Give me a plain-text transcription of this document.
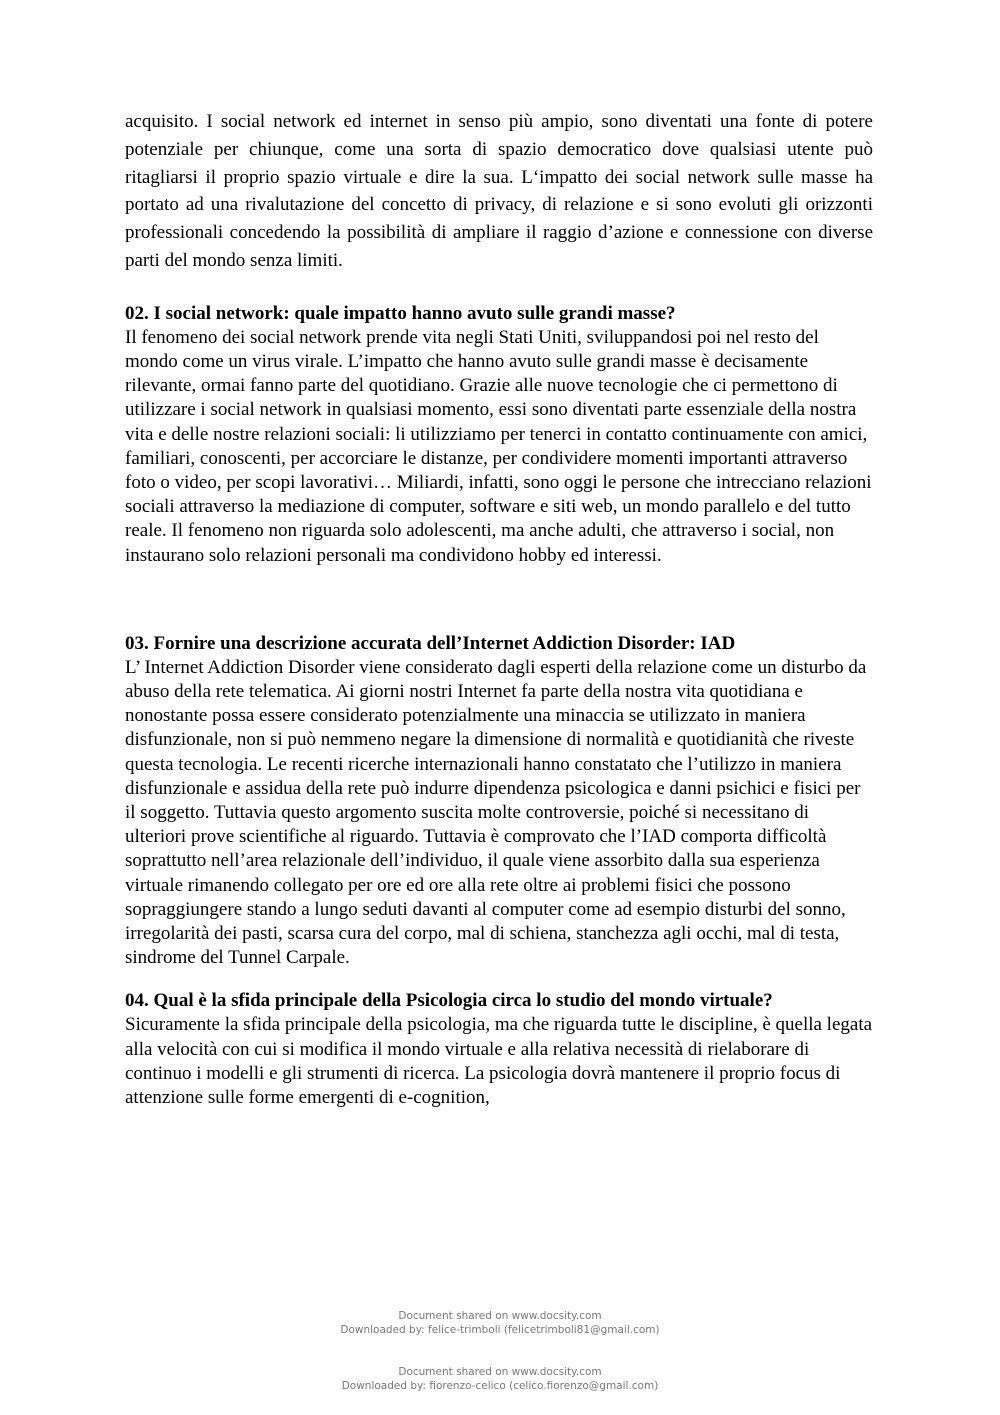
acquisito. I social network ed internet in senso più ampio, sono diventati una fonte di potere potenziale per chiunque, come una sorta di spazio democratico dove qualsiasi utente può ritagliarsi il proprio spazio virtuale e dire la sua. L‘impatto dei social network sulle masse ha portato ad una rivalutazione del concetto di privacy, di relazione e si sono evoluti gli orizzonti professionali concedendo la possibilità di ampliare il raggio d’azione e connessione con diverse parti del mondo senza limiti.

02. I social network: quale impatto hanno avuto sulle grandi masse?

Il fenomeno dei social network prende vita negli Stati Uniti, sviluppandosi poi nel resto del mondo come un virus virale. L’impatto che hanno avuto sulle grandi masse è decisamente rilevante, ormai fanno parte del quotidiano. Grazie alle nuove tecnologie che ci permettono di utilizzare i social network in qualsiasi momento, essi sono diventati parte essenziale della nostra vita e delle nostre relazioni sociali: li utilizziamo per tenerci in contatto continuamente con amici, familiari, conoscenti, per accorciare le distanze, per condividere momenti importanti attraverso foto o video, per scopi lavorativi… Miliardi, infatti, sono oggi le persone che intrecciano relazioni sociali attraverso la mediazione di computer, software e siti web, un mondo parallelo e del tutto reale. Il fenomeno non riguarda solo adolescenti, ma anche adulti, che attraverso i social, non instaurano solo relazioni personali ma condividono hobby ed interessi.

03. Fornire una descrizione accurata dell’Internet Addiction Disorder: IAD

L’ Internet Addiction Disorder viene considerato dagli esperti della relazione come un disturbo da abuso della rete telematica. Ai giorni nostri Internet fa parte della nostra vita quotidiana e nonostante possa essere considerato potenzialmente una minaccia se utilizzato in maniera disfunzionale, non si può nemmeno negare la dimensione di normalità e quotidianità che riveste questa tecnologia. Le recenti ricerche internazionali hanno constatato che l’utilizzo in maniera disfunzionale e assidua della rete può indurre dipendenza psicologica e danni psichici e fisici per il soggetto. Tuttavia questo argomento suscita molte controversie, poiché si necessitano di ulteriori prove scientifiche al riguardo. Tuttavia è comprovato che l’IAD comporta difficoltà soprattutto nell’area relazionale dell’individuo, il quale viene assorbito dalla sua esperienza virtuale rimanendo collegato per ore ed ore alla rete oltre ai problemi fisici che possono sopraggiungere stando a lungo seduti davanti al computer come ad esempio disturbi del sonno, irregolarità dei pasti, scarsa cura del corpo, mal di schiena, stanchezza agli occhi, mal di testa, sindrome del Tunnel Carpale.

04. Qual è la sfida principale della Psicologia circa lo studio del mondo virtuale?

Sicuramente la sfida principale della psicologia, ma che riguarda tutte le discipline, è quella legata alla velocità con cui si modifica il mondo virtuale e alla relativa necessità di rielaborare di continuo i modelli e gli strumenti di ricerca. La psicologia dovrà mantenere il proprio focus di attenzione sulle forme emergenti di e-cognition,

Document shared on www.docsity.com
Downloaded by: felice-trimboli (felicetrimboli81@gmail.com)
Document shared on www.docsity.com
Downloaded by: fiorenzo-celico (celico.fiorenzo@gmail.com)
